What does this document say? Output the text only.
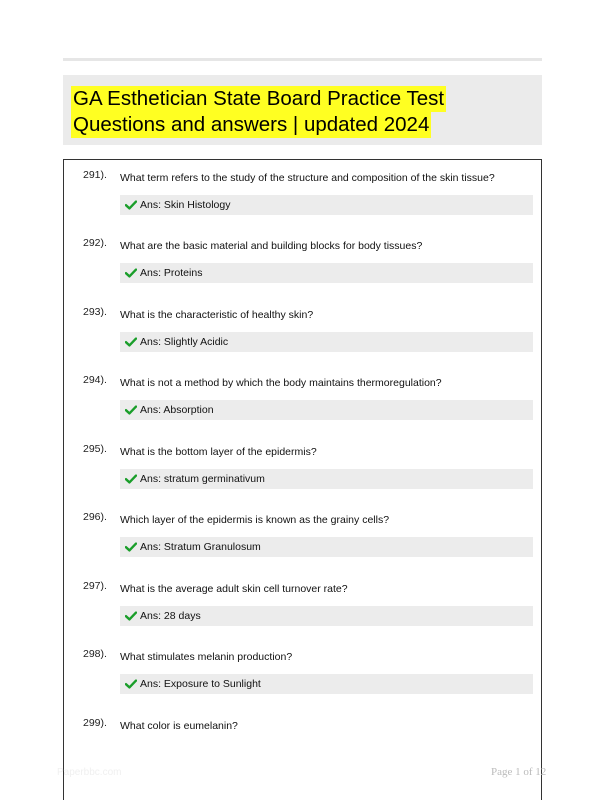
GA Esthetician State Board Practice Test
Questions and answers | updated 2024
291). What term refers to the study of the structure and composition of the skin tissue?
Ans: Skin Histology
292). What are the basic material and building blocks for body tissues?
Ans: Proteins
293). What is the characteristic of healthy skin?
Ans: Slightly Acidic
294). What is not a method by which the body maintains thermoregulation?
Ans: Absorption
295). What is the bottom layer of the epidermis?
Ans: stratum germinativum
296). Which layer of the epidermis is known as the grainy cells?
Ans: Stratum Granulosum
297). What is the average adult skin cell turnover rate?
Ans: 28 days
298). What stimulates melanin production?
Ans: Exposure to Sunlight
299). What color is eumelanin?
Paperbbc.com	Page 1 of 12
